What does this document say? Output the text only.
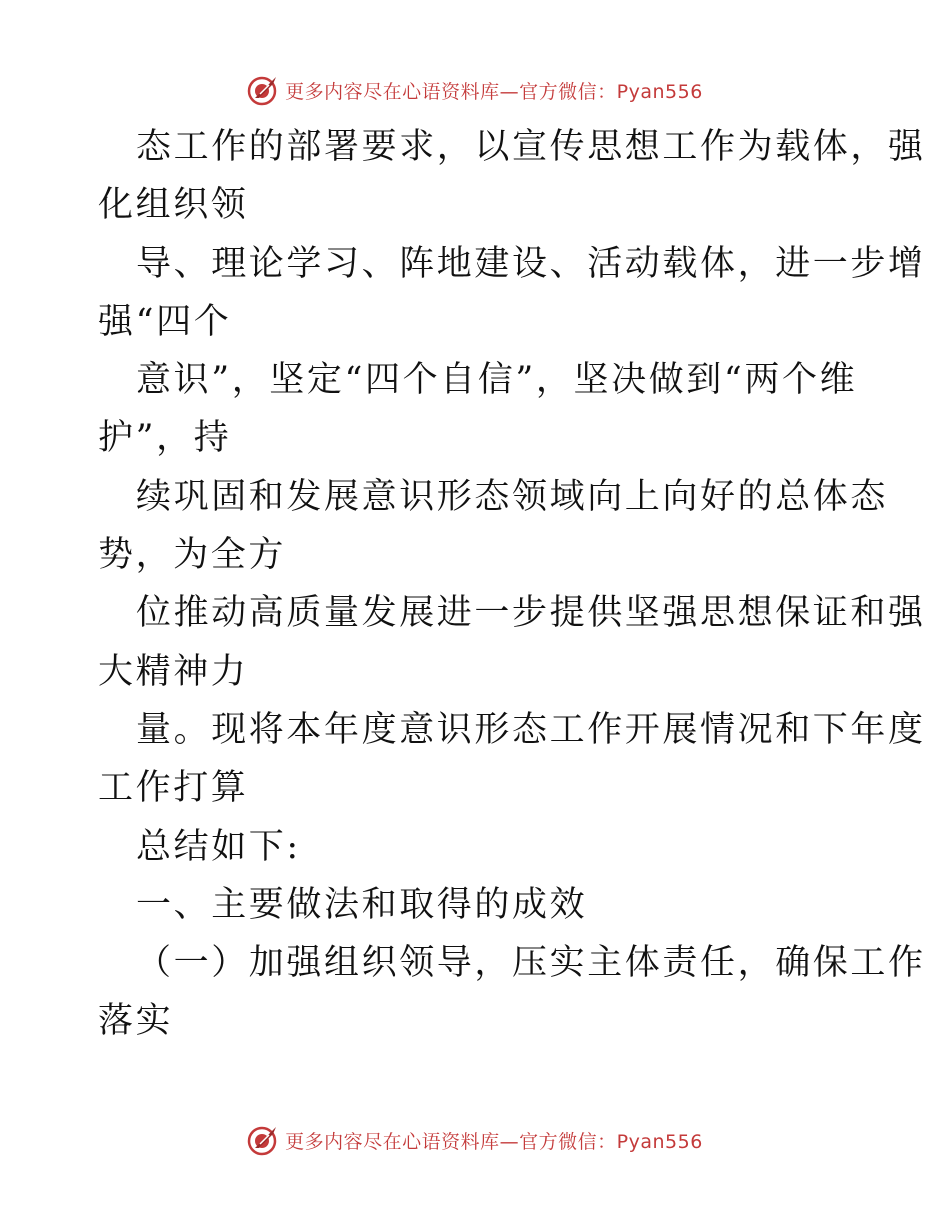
更多内容尽在心语资料库—官方微信：Pyan556
态工作的部署要求，以宣传思想工作为载体，强
化组织领
导、理论学习、阵地建设、活动载体，进一步增
强“四个
意识”，坚定“四个自信”，坚决做到“两个维
护”，持
续巩固和发展意识形态领域向上向好的总体态
势，为全方
位推动高质量发展进一步提供坚强思想保证和强
大精神力
量。现将本年度意识形态工作开展情况和下年度
工作打算
总结如下:
一、主要做法和取得的成效
（一）加强组织领导，压实主体责任，确保工作
落实
更多内容尽在心语资料库—官方微信：Pyan556
